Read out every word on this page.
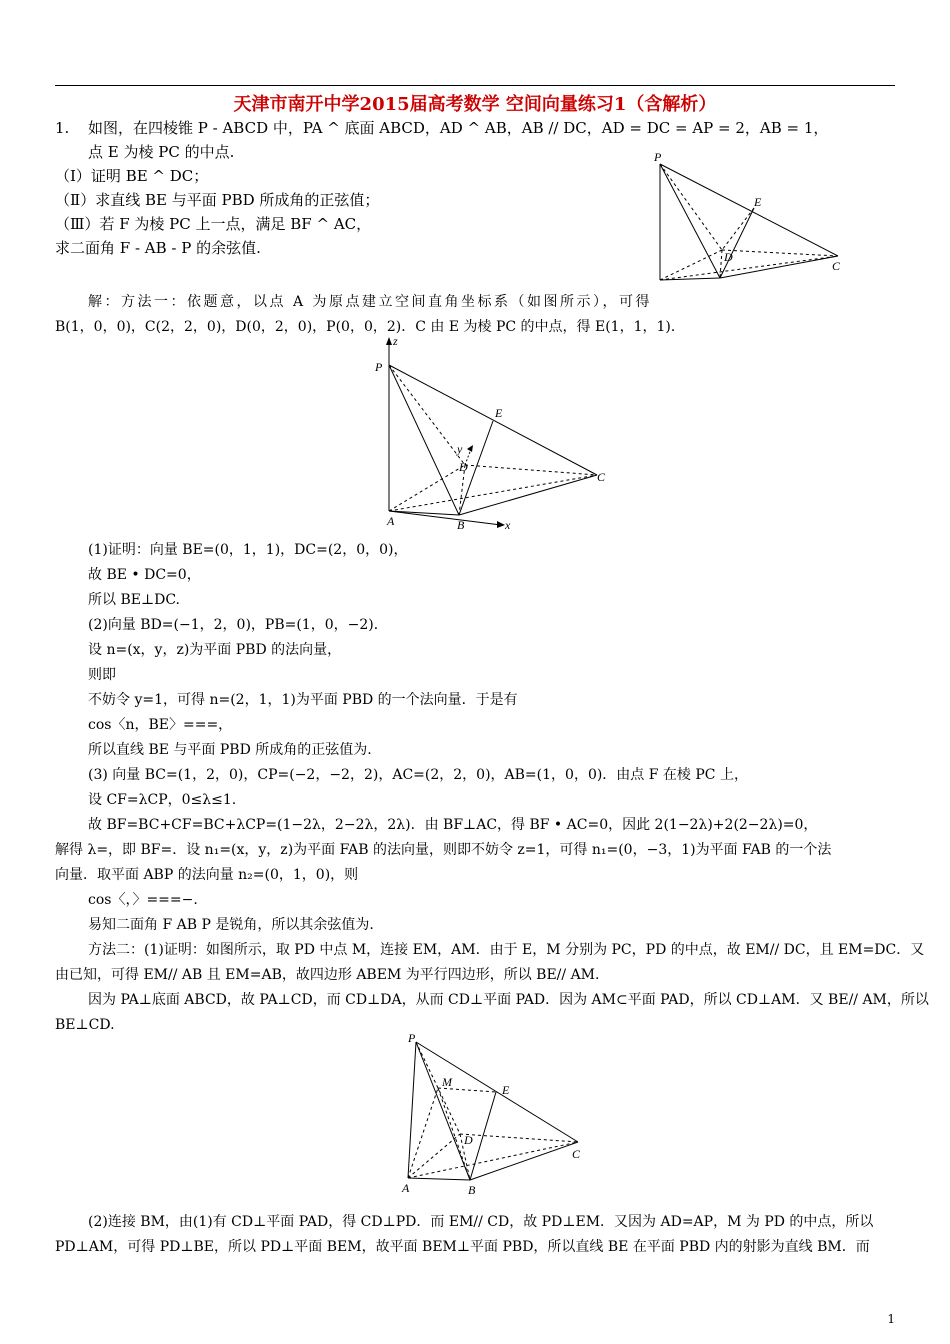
天津市南开中学2015届高考数学 空间向量练习1（含解析）
1. 如图，在四棱锥 P - ABCD 中，PA ^ 底面 ABCD，AD ^ AB，AB // DC，AD = DC = AP = 2，AB = 1，
点 E 为棱 PC 的中点.
（Ⅰ）证明 BE ^ DC；
（Ⅱ）求直线 BE 与平面 PBD 所成角的正弦值；
（Ⅲ）若 F 为棱 PC 上一点，满足 BF ^ AC，
求二面角 F - AB - P 的余弦值.
P
E
D
C
解：方法一：依题意，以点 A 为原点建立空间直角坐标系（如图所示），可得
B(1，0，0)，C(2，2，0)，D(0，2，0)，P(0，0，2)．C 由 E 为棱 PC 的中点，得 E(1，1，1)．
z
P
E
y
D
C
A	B	x
(1)证明：向量 BE=(0，1，1)，DC=(2，0，0)，
故 BE • DC=0，
所以 BE⊥DC.
(2)向量 BD=(−1，2，0)，PB=(1，0，−2)．
设 n=(x，y，z)为平面 PBD 的法向量，
则即
不妨令 y=1，可得 n=(2，1，1)为平面 PBD 的一个法向量．于是有
cos〈n，BE〉===，
所以直线 BE 与平面 PBD 所成角的正弦值为.
(3) 向量 BC=(1，2，0)，CP=(−2，−2，2)，AC=(2，2，0)，AB=(1，0，0)．由点 F 在棱 PC 上，
设 CF=λCP，0≤λ≤1.
故 BF=BC+CF=BC+λCP=(1−2λ，2−2λ，2λ)．由 BF⊥AC，得 BF • AC=0，因此 2(1−2λ)+2(2−2λ)=0，
解得 λ=，即 BF=．设 n₁=(x，y，z)为平面 FAB 的法向量，则即不妨令 z=1，可得 n₁=(0，−3，1)为平面 FAB 的一个法
向量．取平面 ABP 的法向量 n₂=(0，1，0)，则
cos〈，〉===−.
易知二面角 F AB P 是锐角，所以其余弦值为.
方法二：(1)证明：如图所示，取 PD 中点 M，连接 EM，AM．由于 E，M 分别为 PC，PD 的中点，故 EM// DC，且 EM=DC．又
由已知，可得 EM// AB 且 EM=AB，故四边形 ABEM 为平行四边形，所以 BE// AM.
因为 PA⊥底面 ABCD，故 PA⊥CD，而 CD⊥DA，从而 CD⊥平面 PAD．因为 AM⊂平面 PAD，所以 CD⊥AM．又 BE// AM，所以
BE⊥CD.
P
M
E
D
C
A	B
(2)连接 BM，由(1)有 CD⊥平面 PAD，得 CD⊥PD．而 EM// CD，故 PD⊥EM．又因为 AD=AP，M 为 PD 的中点，所以
PD⊥AM，可得 PD⊥BE，所以 PD⊥平面 BEM，故平面 BEM⊥平面 PBD，所以直线 BE 在平面 PBD 内的射影为直线 BM．而
1
